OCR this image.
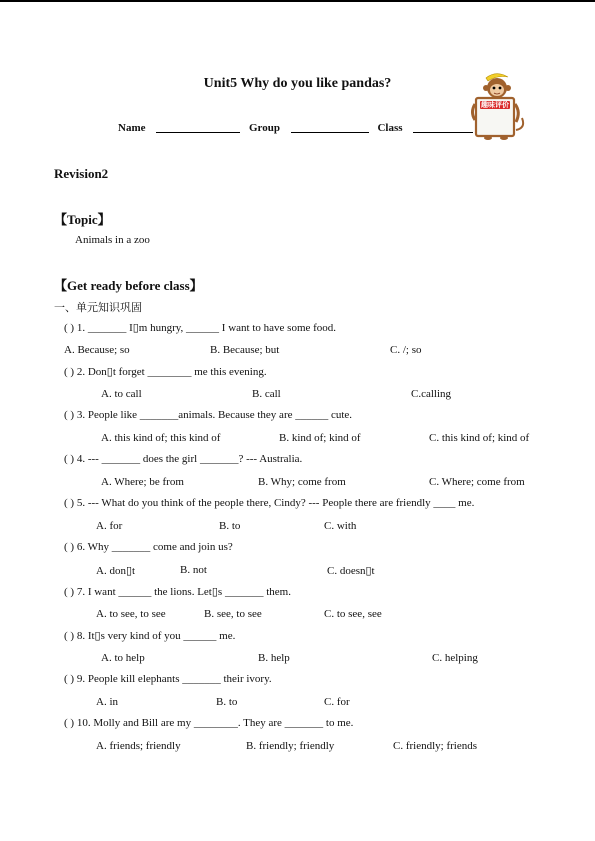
Unit5 Why do you like pandas?
趣味评价
Name	Group	Class
Revision2
【Topic】
Animals in a zoo
【Get ready before class】
一、单元知识巩固
( ) 1. _______ I▯m hungry, ______ I want to have some food.
A. Because; so	B. Because; but	C. /; so
( ) 2. Don▯t forget ________ me this evening.
A. to call	B. call	C.calling
( ) 3. People like _______animals. Because they are ______ cute.
A. this kind of; this kind of	B. kind of; kind of	C. this kind of; kind of
( ) 4. --- _______ does the girl _______? --- Australia.
A. Where; be from	B. Why; come from	C. Where; come from
( ) 5. --- What do you think of the people there, Cindy? --- People there are friendly ____ me.
A. for	B. to	C. with
( ) 6. Why _______ come and join us?
A. don▯t	B. not	C. doesn▯t
( ) 7. I want ______ the lions. Let▯s _______ them.
A. to see, to see	B. see, to see	C. to see, see
( ) 8. It▯s very kind of you ______ me.
A. to help	B. help	C. helping
( ) 9. People kill elephants _______ their ivory.
A. in	B. to	C. for
( ) 10. Molly and Bill are my ________. They are _______ to me.
A. friends; friendly	B. friendly; friendly	C. friendly; friends
